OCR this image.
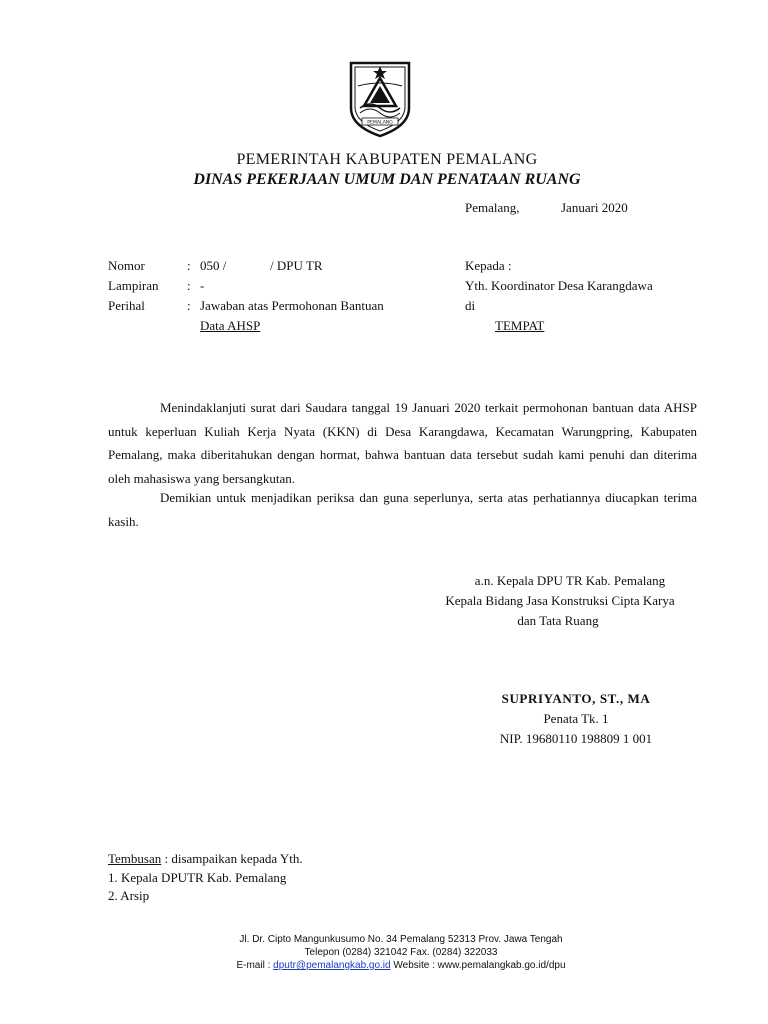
PEMALANG
PEMERINTAH KABUPATEN PEMALANG
DINAS PEKERJAAN UMUM DAN PENATAAN RUANG
Pemalang,	Januari 2020
Nomor	: 050 /	/ DPU TR
Lampiran : -
Perihal	: Jawaban atas Permohonan Bantuan
Data AHSP
Kepada :
Yth. Koordinator Desa Karangdawa
di
TEMPAT
Menindaklanjuti surat dari Saudara tanggal 19 Januari 2020 terkait permohonan bantuan data AHSP untuk keperluan Kuliah Kerja Nyata (KKN) di Desa Karangdawa, Kecamatan Warungpring, Kabupaten Pemalang, maka diberitahukan dengan hormat, bahwa bantuan data tersebut sudah kami penuhi dan diterima oleh mahasiswa yang bersangkutan.
Demikian untuk menjadikan periksa dan guna seperlunya, serta atas perhatiannya diucapkan terima kasih.
a.n. Kepala DPU TR Kab. Pemalang
Kepala Bidang Jasa Konstruksi Cipta Karya
dan Tata Ruang
SUPRIYANTO, ST., MA
Penata Tk. 1
NIP. 19680110 198809 1 001
Tembusan : disampaikan kepada Yth.
1. Kepala DPUTR Kab. Pemalang
2. Arsip
Jl. Dr. Cipto Mangunkusumo No. 34 Pemalang 52313 Prov. Jawa Tengah
Telepon (0284) 321042 Fax. (0284) 322033
E-mail : dputr@pemalangkab.go.id Website : www.pemalangkab.go.id/dpu
